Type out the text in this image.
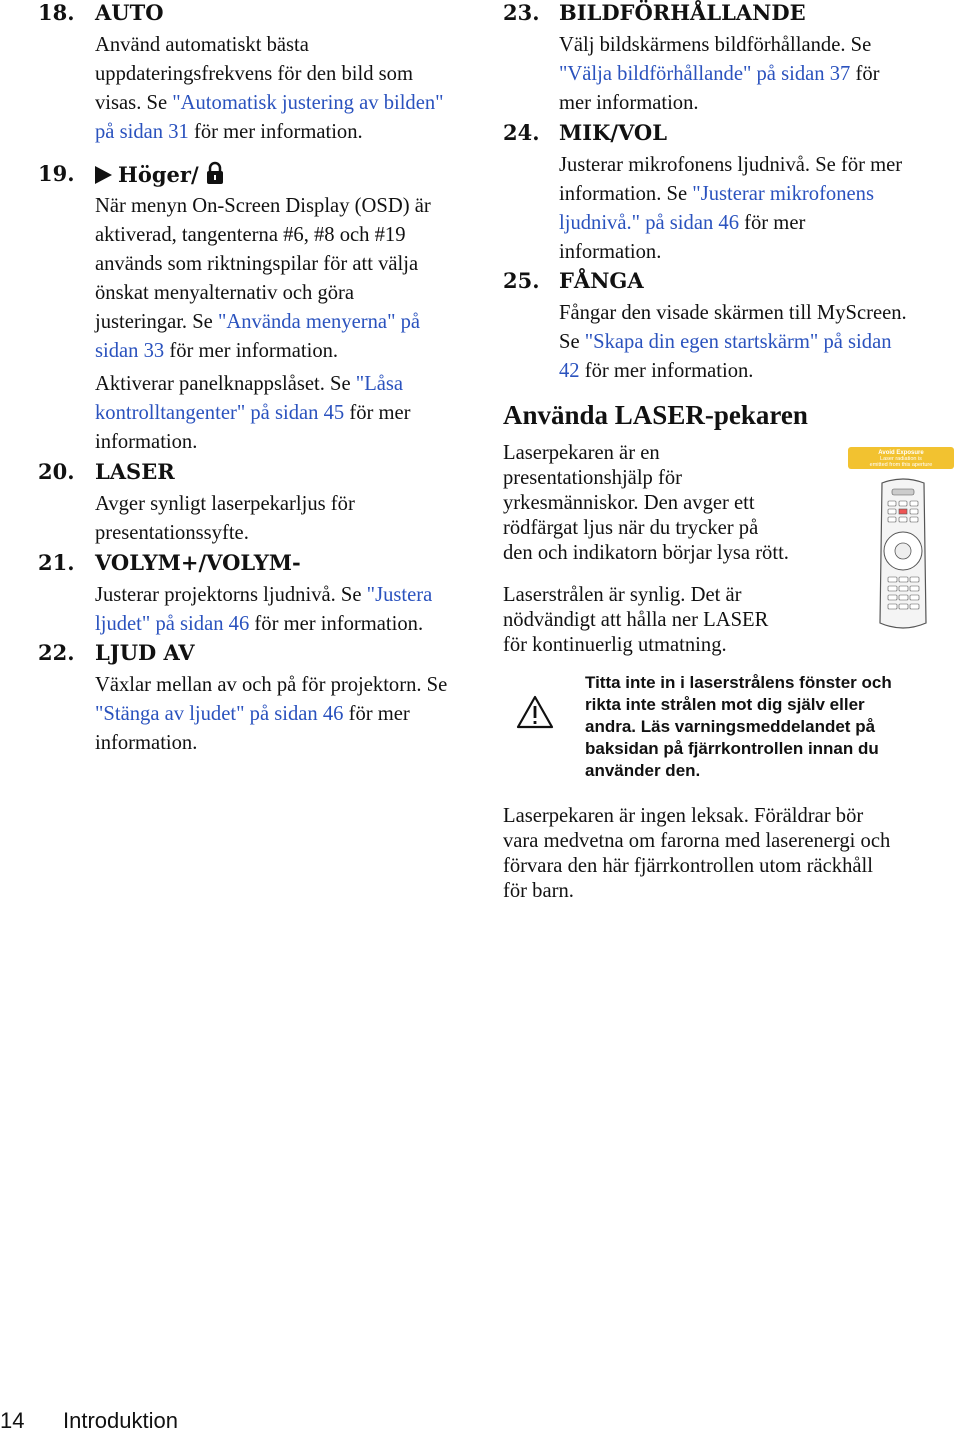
18. AUTO
Använd automatiskt bästa
uppdateringsfrekvens för den bild som
visas. Se "Automatisk justering av bilden"
på sidan 31 för mer information.
19.	Höger/
När menyn On-Screen Display (OSD) är
aktiverad, tangenterna #6, #8 och #19
används som riktningspilar för att välja
önskat menyalternativ och göra
justeringar. Se "Använda menyerna" på
sidan 33 för mer information.
Aktiverar panelknappslåset. Se "Låsa
kontrolltangenter" på sidan 45 för mer
information.
20. LASER
Avger synligt laserpekarljus för
presentationssyfte.
21. VOLYM+/VOLYM-
Justerar projektorns ljudnivå. Se "Justera
ljudet" på sidan 46 för mer information.
22. LJUD AV
Växlar mellan av och på för projektorn. Se
"Stänga av ljudet" på sidan 46 för mer
information.
Använda LASER-pekaren
Laserpekaren är en
presentationshjälp för
yrkesmänniskor. Den avger ett
rödfärgat ljus när du trycker på
den och indikatorn börjar lysa rött.
Laserstrålen är synlig. Det är
nödvändigt att hålla ner LASER
för kontinuerlig utmatning.
Titta inte in i laserstrålens fönster och
rikta inte strålen mot dig själv eller
andra. Läs varningsmeddelandet på
baksidan på fjärrkontrollen innan du
använder den.
Laserpekaren är ingen leksak. Föräldrar bör
vara medvetna om farorna med laserenergi och
förvara den här fjärrkontrollen utom räckhåll
för barn.
Avoid Exposure
Laser radiation is
emitted from this aperture
23. BILDFÖRHÅLLANDE
Välj bildskärmens bildförhållande. Se
"Välja bildförhållande" på sidan 37 för
mer information.
24. MIK/VOL
Justerar mikrofonens ljudnivå. Se för mer
information. Se "Justerar mikrofonens
ljudnivå." på sidan 46 för mer
information.
25. FÅNGA
Fångar den visade skärmen till MyScreen.
Se "Skapa din egen startskärm" på sidan
42 för mer information.
14 Introduktion
